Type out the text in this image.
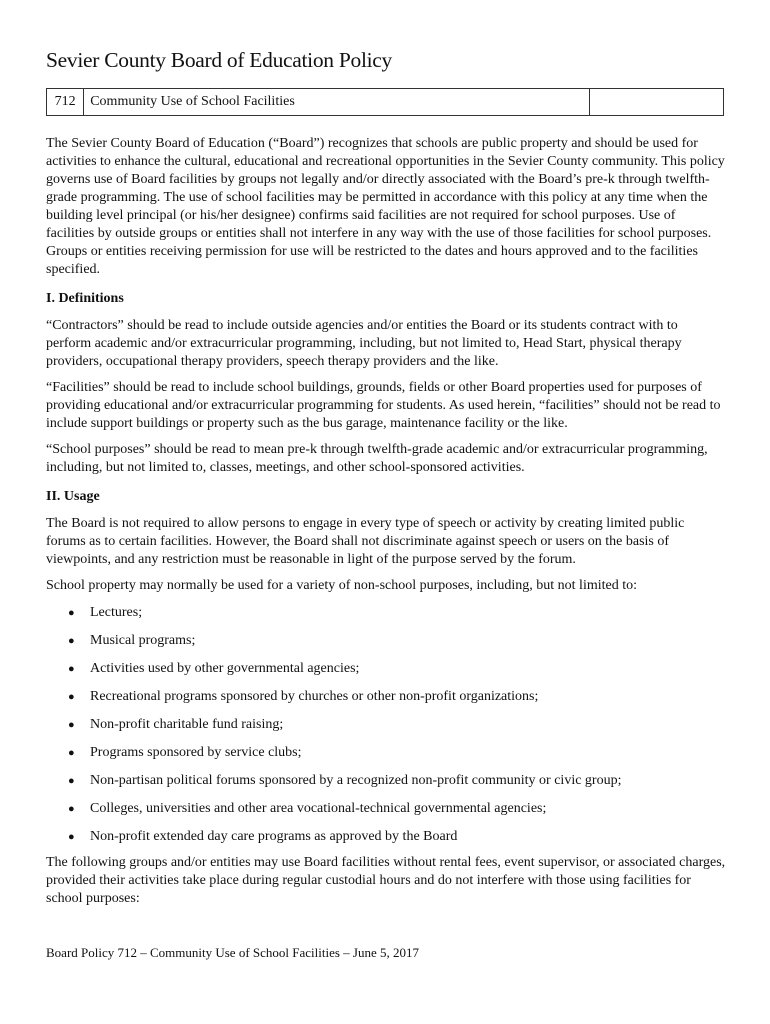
Sevier County Board of Education Policy
712	Community Use of School Facilities	

The Sevier County Board of Education (“Board”) recognizes that schools are public property and should be used for activities to enhance the cultural, educational and recreational opportunities in the Sevier County community. This policy governs use of Board facilities by groups not legally and/or directly associated with the Board’s pre-k through twelfth-grade programming. The use of school facilities may be permitted in accordance with this policy at any time when the building level principal (or his/her designee) confirms said facilities are not required for school purposes. Use of facilities by outside groups or entities shall not interfere in any way with the use of those facilities for school purposes. Groups or entities receiving permission for use will be restricted to the dates and hours approved and to the facilities specified.

I. Definitions

“Contractors” should be read to include outside agencies and/or entities the Board or its students contract with to perform academic and/or extracurricular programming, including, but not limited to, Head Start, physical therapy providers, occupational therapy providers, speech therapy providers and the like.

“Facilities” should be read to include school buildings, grounds, fields or other Board properties used for purposes of providing educational and/or extracurricular programming for students. As used herein, “facilities” should not be read to include support buildings or property such as the bus garage, maintenance facility or the like.

“School purposes” should be read to mean pre-k through twelfth-grade academic and/or extracurricular programming, including, but not limited to, classes, meetings, and other school-sponsored activities.

II. Usage

The Board is not required to allow persons to engage in every type of speech or activity by creating limited public forums as to certain facilities. However, the Board shall not discriminate against speech or users on the basis of viewpoints, and any restriction must be reasonable in light of the purpose served by the forum.

School property may normally be used for a variety of non-school purposes, including, but not limited to:

● Lectures;
● Musical programs;
● Activities used by other governmental agencies;
● Recreational programs sponsored by churches or other non-profit organizations;
● Non-profit charitable fund raising;
● Programs sponsored by service clubs;
● Non-partisan political forums sponsored by a recognized non-profit community or civic group;
● Colleges, universities and other area vocational-technical governmental agencies;
● Non-profit extended day care programs as approved by the Board

The following groups and/or entities may use Board facilities without rental fees, event supervisor, or associated charges, provided their activities take place during regular custodial hours and do not interfere with those using facilities for school purposes:

Board Policy 712 – Community Use of School Facilities – June 5, 2017
